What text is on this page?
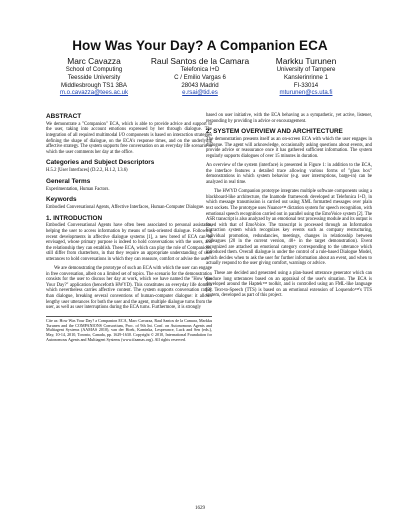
How Was Your Day? A Companion ECA
Marc Cavazza
School of Computing
Teesside University
Middlesbrough TS1 3BA
m.o.cavazza@tees.ac.uk
Raul Santos de la Camara
Telefonica I+D
C / Emilio Vargas 6
28043 Madrid
e.rsai@tid.es
Markku Turunen
University of Tampere
Kanslerinrinne 1
FI-33014
mturunen@cs.uta.fi
ABSTRACT
We demonstrate a "Companion" ECA, which is able to provide advice and support to the user, taking into account emotions expressed by her through dialogue. The integration of all required multimodal I/O components is based on interaction strategies defining the shape of dialogue, on the ECA's response times, and on the underlying affective strategy. The system supports free conversation on an everyday life scenario in which the user comments her day at the office.
Categories and Subject Descriptors
H.5.2 [User Interfaces] (D.2.2, H.1.2, I.3.6)
General Terms
Experimentation, Human Factors.
Keywords
Embodied Conversational Agents, Affective Interfaces, Human-Computer Dialogue.
1. INTRODUCTION
Embodied Conversational Agents have often been associated to personal assistants, helping the user to access information by means of task-oriented dialogue. Following recent developments in affective dialogue systems [1], a new breed of ECA can be envisaged, whose primary purpose is indeed to hold conversations with the users, and the relationship they can establish. These ECA, which can play the role of Companions, still differ from chatterbots, in that they require an appropriate understanding of user utterances to hold conversations in which they can reassure, comfort or advise the user.
We are demonstrating the prototype of such an ECA with which the user can engage in free conversation, albeit on a limited set of topics. The scenario for the demonstration consists for the user to discuss her day at work, which we have named the "How Was Your Day?" application (henceforth HWYD). This constitutes an everyday life domain which nevertheless carries affective content. The system supports conversation rather than dialogue, breaking several conventions of human-computer dialogue: it allows lengthy user utterances for both the user and the agent, multiple dialogue turns from the user, as well as user interruptions during the ECA turns. Furthermore, it is strongly
Cite as: How Was Your Day? a Companion ECA, Marc Cavazza, Raul Santos de la Camara, Markku Turunen and the COMPANIONS Consortium, Proc. of 9th Int. Conf. on Autonomous Agents and Multiagent Systems (AAMAS 2010), van der Hoek, Kaminka, Lesperance, Luck and Sen (eds.), May, 10-14, 2010, Toronto, Canada, pp. 1629-1630. Copyright © 2010, International Foundation for Autonomous Agents and Multiagent Systems (www.ifaamas.org). All rights reserved.
based on user initiative, with the ECA behaving as a sympathetic, yet active, listener, responding by providing in advice or encouragement.
2. SYSTEM OVERVIEW AND ARCHITECTURE
The demonstration presents itself as an on-screen ECA with which the user engages in dialogue. The agent will acknowledge, occasionally asking questions about events, and provide advice or reassurance once it has gathered sufficient information. The system regularly supports dialogues of over 15 minutes in duration.
An overview of the system (interface) is presented in Figure 1: in addition to the ECA, the interface features a detailed trace allowing various forms of "glass box" demonstrations in which system behavior (e.g. user interruptions, barge-in) can be analyzed in real time.
The HWYD Companion prototype integrates multiple software components using a blackboard-like architecture, the Inamode framework developed at Telefonica I+D, in which message transmission is carried out using XML formatted messages over plain text sockets. The prototype uses Nuance™ dictation system for speech recognition, with emotional speech recognition carried out in parallel using the EmoVoice system [2]. The ASR transcript is also analyzed by an emotional text processing module and its output is fused with that of EmoVoice. The transcript is processed through an Information Extraction system which recognizes key events such as company restructuring, individual promotion, redundancies, meetings, changes in relationship between colleagues (20 in the current version, 40+ in the target demonstration). Event recognized are attached an emotional category corresponding to the utterance which introduced them. Overall dialogue is under the control of a rule-based Dialogue Model, which decides when to ask the user for further information about an event, and when to actually respond to the user giving comfort, warnings or advice.
These are decided and generated using a plan-based utterance generator which can produce long utterances based on an appraisal of the user's situation. The ECA is developed around the Haptek™ toolkit, and is controlled using an FML-like language [3]. Text-to-Speech (TTS) is based on an emotional extension of Loquendo™'s TTS system, developed as part of this project.
1629
